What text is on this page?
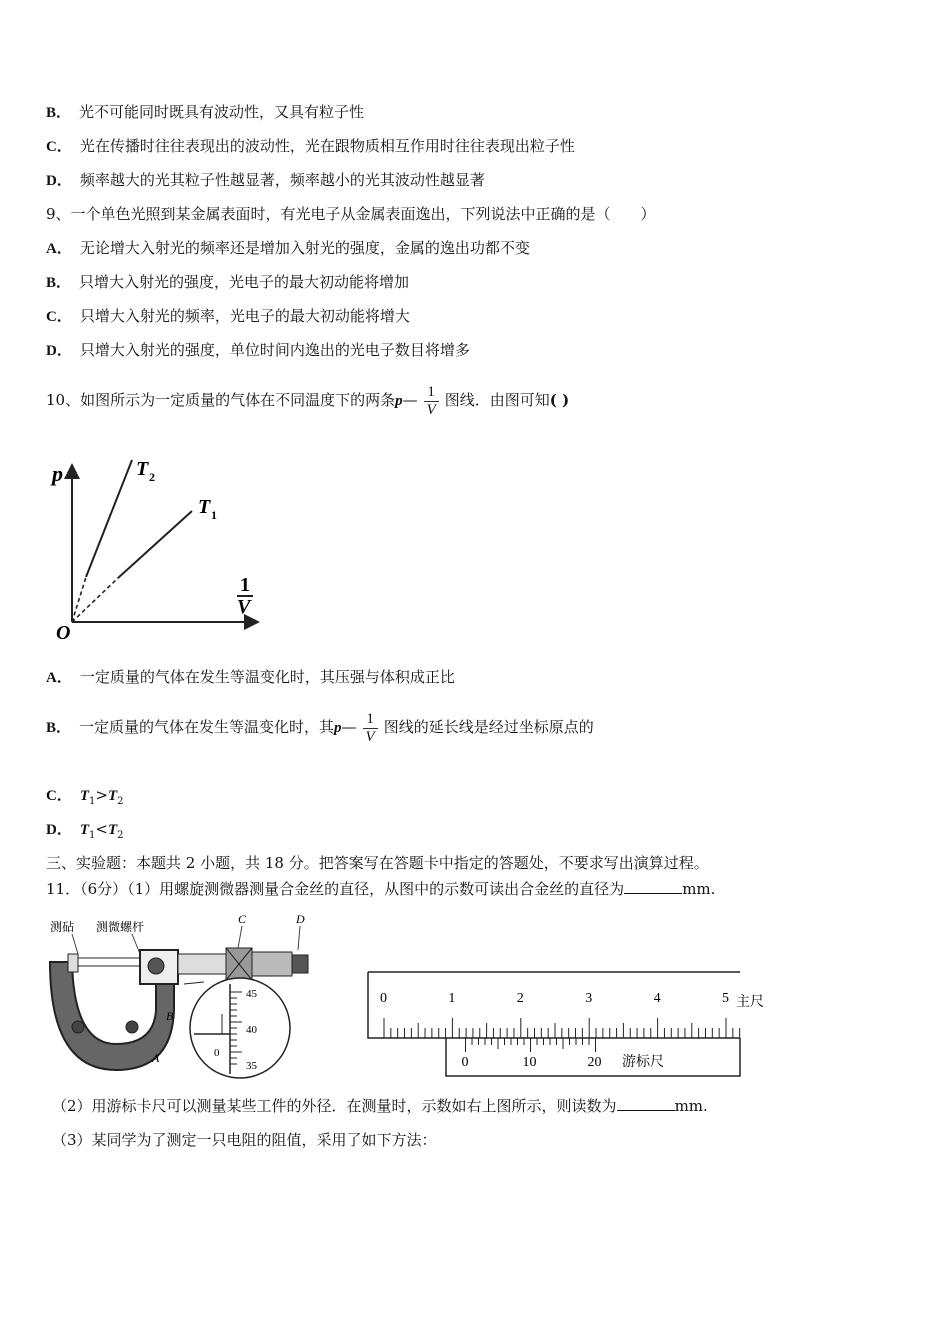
B． 光不可能同时既具有波动性，又具有粒子性
C． 光在传播时往往表现出的波动性，光在跟物质相互作用时往往表现出粒子性
D． 频率越大的光其粒子性越显著，频率越小的光其波动性越显著
9、一个单色光照到某金属表面时，有光电子从金属表面逸出，下列说法中正确的是（　　）
A． 无论增大入射光的频率还是增加入射光的强度，金属的逸出功都不变
B． 只增大入射光的强度，光电子的最大初动能将增加
C． 只增大入射光的频率，光电子的最大初动能将增大
D． 只增大入射光的强度，单位时间内逸出的光电子数目将增多
10、如图所示为一定质量的气体在不同温度下的两条p— $\frac{1}{V}$ 图线．由图可知( )
p	T 2
T 1
1
V
O
A． 一定质量的气体在发生等温变化时，其压强与体积成正比
B． 一定质量的气体在发生等温变化时，其p— $\frac{1}{V}$ 图线的延长线是经过坐标原点的
C． $T_1>T_2$
D． $T_1<T_2$
三、实验题：本题共 2 小题，共 18 分。把答案写在答题卡中指定的答题处，不要求写出演算过程。
11．（6分）（1）用螺旋测微器测量合金丝的直径，从图中的示数可读出合金丝的直径为	mm.
测砧 测微螺杆
C	D
B
A
45
40
35
0
0	1	2	3	4	5 主尺
0	10	20 游标尺
（2）用游标卡尺可以测量某些工件的外径．在测量时，示数如右上图所示，则读数为	mm.
（3）某同学为了测定一只电阻的阻值，采用了如下方法：
